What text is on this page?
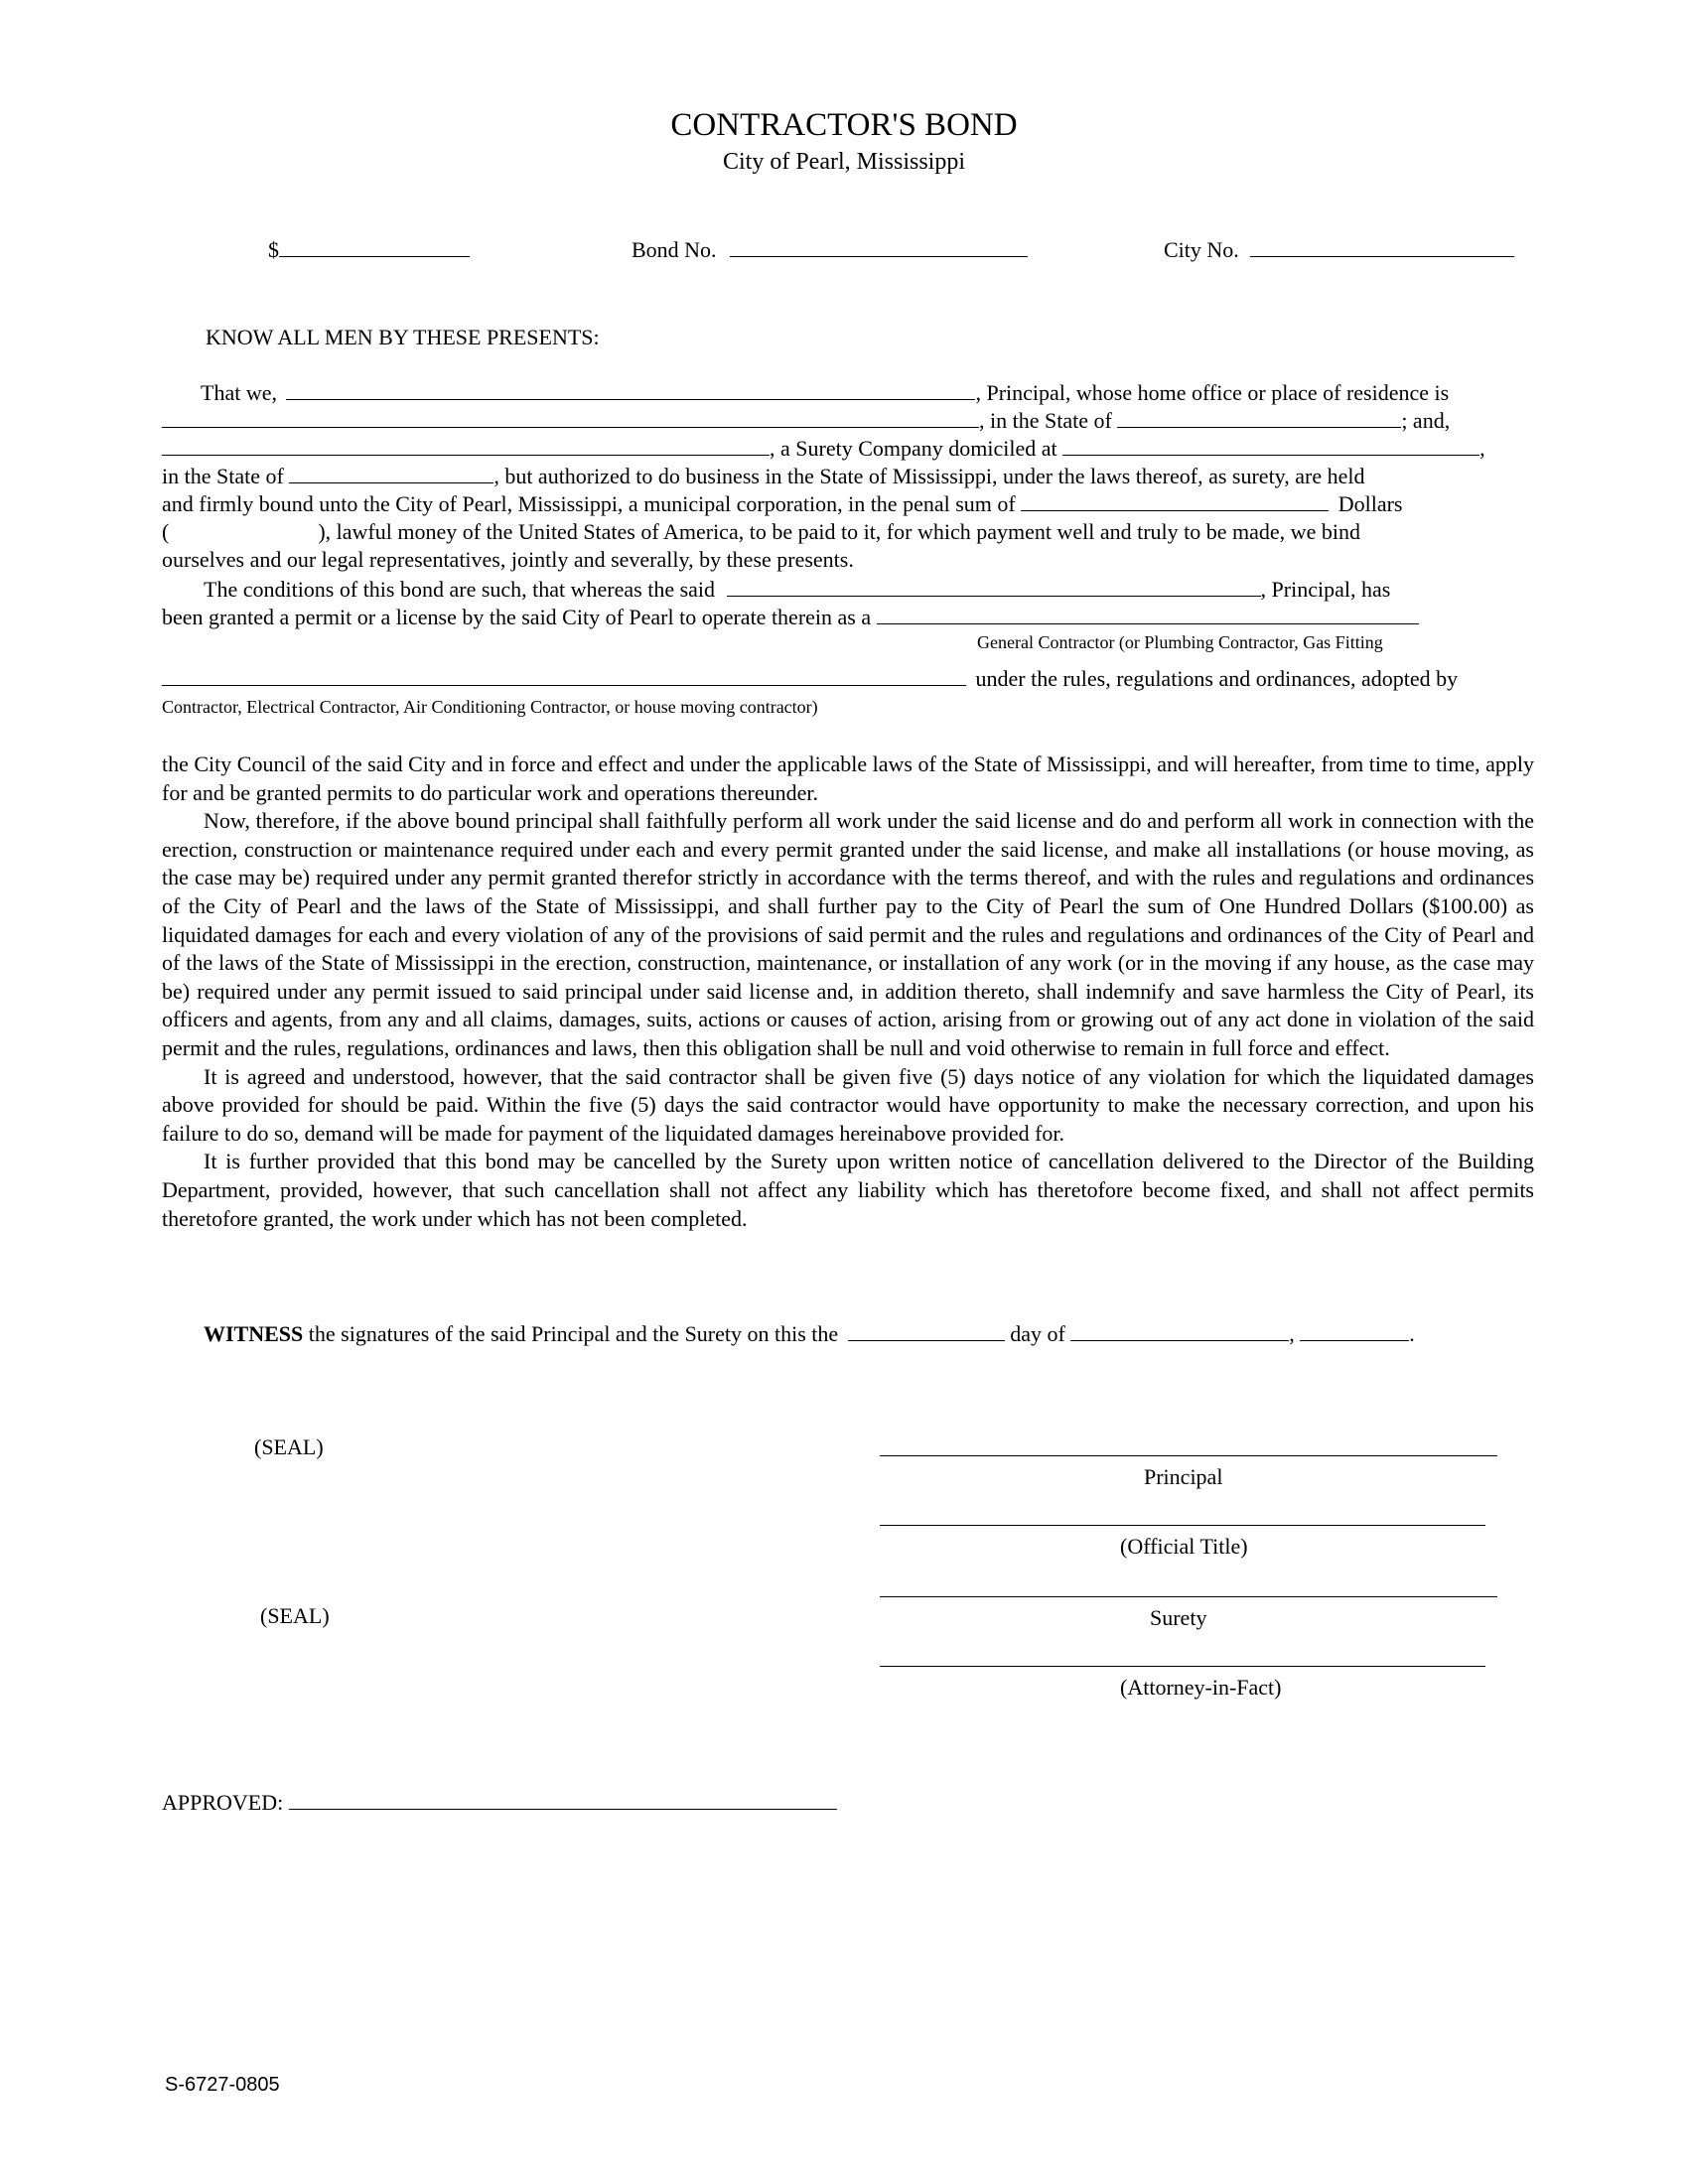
CONTRACTOR'S BOND
City of Pearl, Mississippi
$	Bond No.	City No.
KNOW ALL MEN BY THESE PRESENTS:
That we,	, Principal, whose home office or place of residence is
, in the State of	; and,
, a Surety Company domiciled at	,
in the State of	, but authorized to do business in the State of Mississippi, under the laws thereof, as surety, are held
and firmly bound unto the City of Pearl, Mississippi, a municipal corporation, in the penal sum of	Dollars
(	), lawful money of the United States of America, to be paid to it, for which payment well and truly to be made, we bind
ourselves and our legal representatives, jointly and severally, by these presents.
The conditions of this bond are such, that whereas the said	, Principal, has
been granted a permit or a license by the said City of Pearl to operate therein as a
General Contractor (or Plumbing Contractor, Gas Fitting
under the rules, regulations and ordinances, adopted by
Contractor, Electrical Contractor, Air Conditioning Contractor, or house moving contractor)

the City Council of the said City and in force and effect and under the applicable laws of the State of Mississippi, and will hereafter, from time to time, apply for and be granted permits to do particular work and operations thereunder.

Now, therefore, if the above bound principal shall faithfully perform all work under the said license and do and perform all work in connection with the erection, construction or maintenance required under each and every permit granted under the said license, and make all installations (or house moving, as the case may be) required under any permit granted therefor strictly in accordance with the terms thereof, and with the rules and regulations and ordinances of the City of Pearl and the laws of the State of Mississippi, and shall further pay to the City of Pearl the sum of One Hundred Dollars ($100.00) as liquidated damages for each and every violation of any of the provisions of said permit and the rules and regulations and ordinances of the City of Pearl and of the laws of the State of Mississippi in the erection, construction, maintenance, or installation of any work (or in the moving if any house, as the case may be) required under any permit issued to said principal under said license and, in addition thereto, shall indemnify and save harmless the City of Pearl, its officers and agents, from any and all claims, damages, suits, actions or causes of action, arising from or growing out of any act done in violation of the said permit and the rules, regulations, ordinances and laws, then this obligation shall be null and void otherwise to remain in full force and effect.

It is agreed and understood, however, that the said contractor shall be given five (5) days notice of any violation for which the liquidated damages above provided for should be paid. Within the five (5) days the said contractor would have opportunity to make the necessary correction, and upon his failure to do so, demand will be made for payment of the liquidated damages hereinabove provided for.

It is further provided that this bond may be cancelled by the Surety upon written notice of cancellation delivered to the Director of the Building Department, provided, however, that such cancellation shall not affect any liability which has theretofore become fixed, and shall not affect permits theretofore granted, the work under which has not been completed.

WITNESS the signatures of the said Principal and the Surety on this the	day of	,	.
(SEAL)
Principal
(Official Title)
(SEAL)	Surety
(Attorney-in-Fact)
APPROVED:
S-6727-0805
